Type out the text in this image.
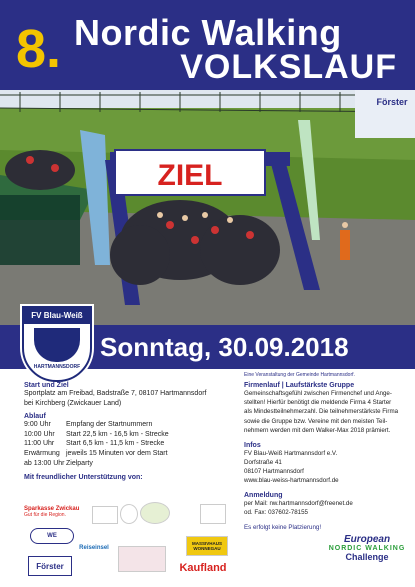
8. Nordic Walking
VOLKSLAUF
ZIEL
Förster
Sonntag, 30.09.2018
FV Blau-Weiß
HARTMANNSDORF
Eine Veranstaltung der Gemeinde Hartmannsdorf.
Start und Ziel
Sportplatz am Freibad, Badstraße 7, 08107 Hartmannsdorf
bei Kirchberg (Zwickauer Land)
Ablauf
9:00 Uhr	Empfang der Startnummern
10:00 Uhr	Start 22,5 km - 16,5 km - Strecke
11:00 Uhr	Start 6,5 km - 11,5 km - Strecke
Erwärmung jeweils 15 Minuten vor dem Start
ab 13:00 Uhr Zielparty
Mit freundlicher Unterstützung von:
Firmenlauf | Laufstärkste Gruppe
Gemeinschaftsgefühl zwischen Firmenchef und Ange-
stellten! Hierfür benötigt die meldende Firma 4 Starter
als Mindestteilnehmerzahl. Die teilnehmerstärkste Firma
sowie die Gruppe bzw. Vereine mit den meisten Teil-
nehmern werden mit dem Walker-Max 2018 prämiert.
Infos
FV Blau-Weiß Hartmannsdorf e.V.
Dorfstraße 41
08107 Hartmannsdorf
www.blau-weiss-hartmannsdorf.de
Anmeldung
per Mail: nw.hartmannsdorf@freenet.de
od. Fax: 037602-78155
Es erfolgt keine Platzierung!
Sparkasse Zwickau
Gut für die Region.
WE
Reiseinsel
MASSIVHAUS WONNEGAU
Förster	Kaufland
European
NORDIC WALKING
Challenge
